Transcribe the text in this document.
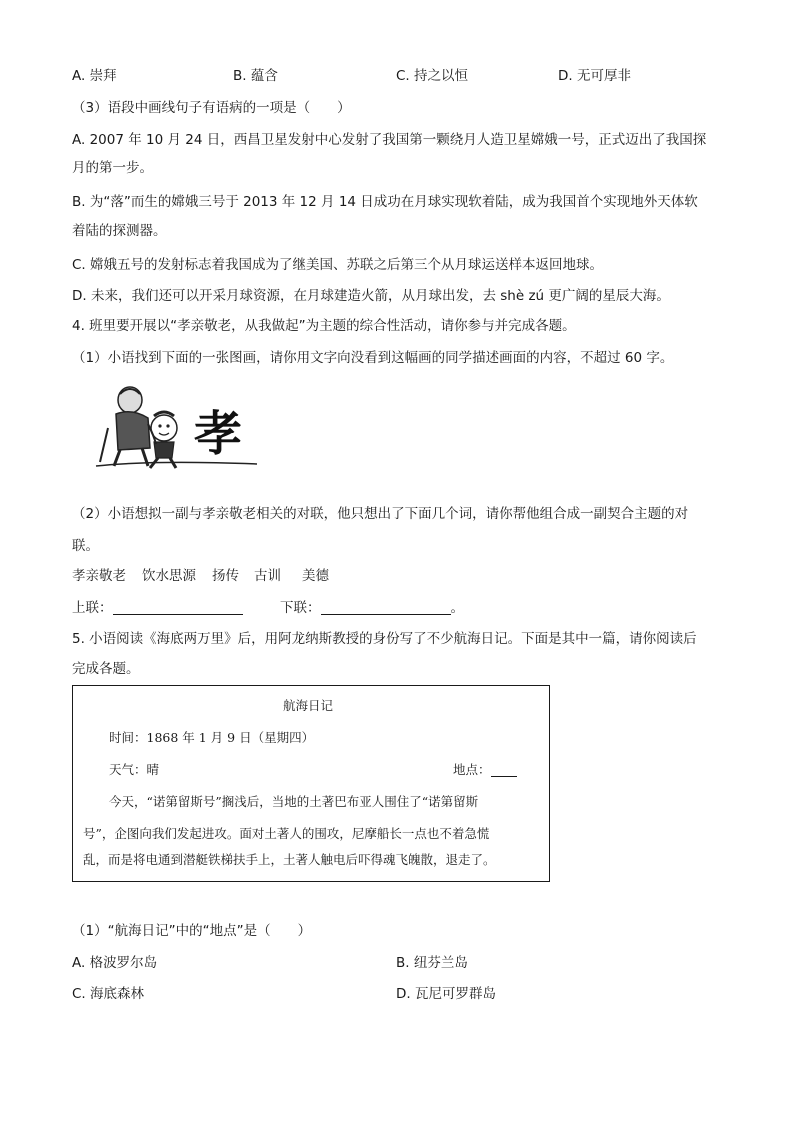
A. 崇拜	B. 蕴含	C. 持之以恒	D. 无可厚非
（3）语段中画线句子有语病的一项是（　　）
A. 2007 年 10 月 24 日，西昌卫星发射中心发射了我国第一颗绕月人造卫星嫦娥一号，正式迈出了我国探
月的第一步。
B. 为“落”而生的嫦娥三号于 2013 年 12 月 14 日成功在月球实现软着陆，成为我国首个实现地外天体软
着陆的探测器。
C. 嫦娥五号的发射标志着我国成为了继美国、苏联之后第三个从月球运送样本返回地球。
D. 未来，我们还可以开采月球资源，在月球建造火箭，从月球出发，去 shè zú 更广阔的星辰大海。
4. 班里要开展以“孝亲敬老，从我做起”为主题的综合性活动，请你参与并完成各题。
（1）小语找到下面的一张图画，请你用文字向没看到这幅画的同学描述画面的内容，不超过 60 字。
孝
（2）小语想拟一副与孝亲敬老相关的对联，他只想出了下面几个词，请你帮他组合成一副契合主题的对
联。
孝亲敬老 饮水思源 扬传 古训 美德
上联：	下联：	。
5. 小语阅读《海底两万里》后，用阿龙纳斯教授的身份写了不少航海日记。下面是其中一篇，请你阅读后
完成各题。
航海日记
时间：1868 年 1 月 9 日（星期四）
天气：晴	地点：
今天，“诺第留斯号”搁浅后，当地的土著巴布亚人围住了“诺第留斯
号”，企图向我们发起进攻。面对土著人的围攻，尼摩船长一点也不着急慌
乱，而是将电通到潜艇铁梯扶手上，土著人触电后吓得魂飞魄散，退走了。
（1）“航海日记”中的“地点”是（　　）
A. 格波罗尔岛	B. 纽芬兰岛
C. 海底森林	D. 瓦尼可罗群岛
